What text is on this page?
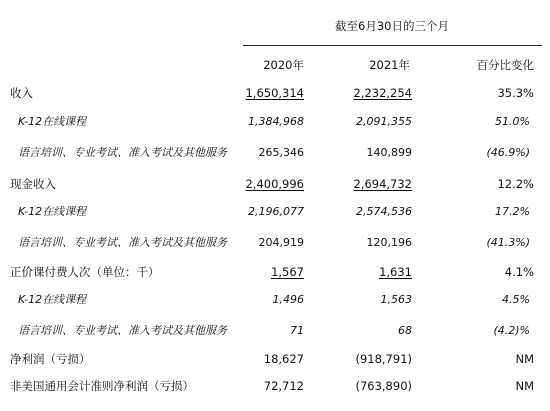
截至6月30日的三个月
2020年	2021年	百分比变化
收入	1,650,314	2,232,254	35.3%
K-12在线课程	1,384,968	2,091,355	51.0%
语言培训、专业考试、准入考试及其他服务	265,346	140,899	(46.9%)
现金收入	2,400,996	2,694,732	12.2%
K-12在线课程	2,196,077	2,574,536	17.2%
语言培训、专业考试、准入考试及其他服务	204,919	120,196	(41.3%)
正价课付费人次（单位：千）	1,567	1,631	4.1%
K-12在线课程	1,496	1,563	4.5%
语言培训、专业考试、准入考试及其他服务	71	68	(4.2)%
净利润（亏损）	18,627	(918,791)	NM
非美国通用会计准则净利润（亏损）	72,712	(763,890)	NM
